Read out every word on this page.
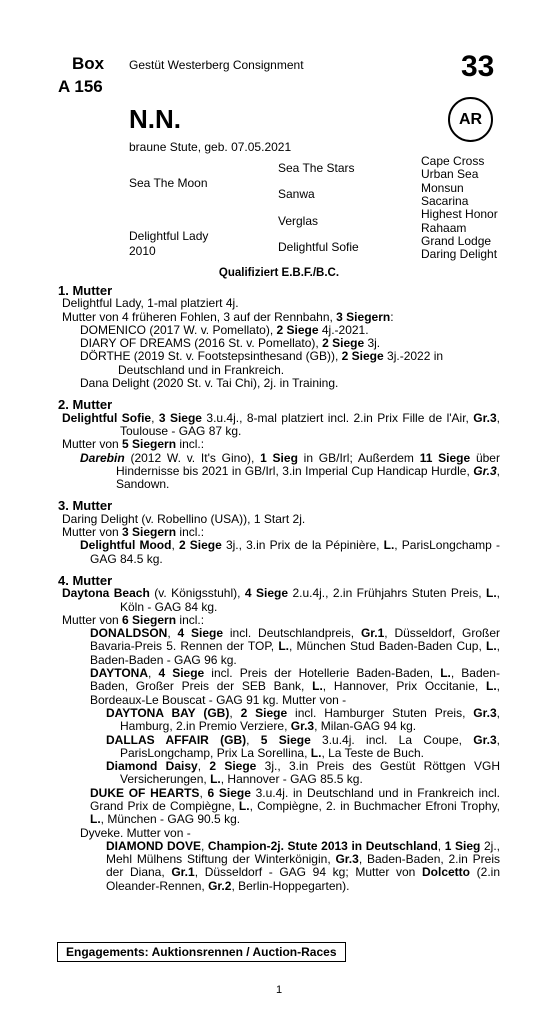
Box
A 156
Gestüt Westerberg Consignment	33
N.N.	AR
braune Stute, geb. 07.05.2021
Sea The Moon
Delightful Lady
2010
Sea The Stars
Sanwa
Verglas
Delightful Sofie
Cape Cross
Urban Sea
Monsun
Sacarina
Highest Honor
Rahaam
Grand Lodge
Daring Delight
Qualifiziert E.B.F./B.C.

1. Mutter

Delightful Lady, 1-mal platziert 4j.

Mutter von 4 früheren Fohlen, 3 auf der Rennbahn, 3 Siegern:

DOMENICO (2017 W. v. Pomellato), 2 Siege 4j.-2021.

DIARY OF DREAMS (2016 St. v. Pomellato), 2 Siege 3j.

DÖRTHE (2019 St. v. Footstepsinthesand (GB)), 2 Siege 3j.-2022 in Deutschland und in Frankreich.

Dana Delight (2020 St. v. Tai Chi), 2j. in Training.

2. Mutter

Delightful Sofie, 3 Siege 3.u.4j., 8-mal platziert incl. 2.in Prix Fille de l'Air, Gr.3, Toulouse - GAG 87 kg.

Mutter von 5 Siegern incl.:

Darebin (2012 W. v. It's Gino), 1 Sieg in GB/Irl; Außerdem 11 Siege über Hindernisse bis 2021 in GB/Irl, 3.in Imperial Cup Handicap Hurdle, Gr.3, Sandown.

3. Mutter

Daring Delight (v. Robellino (USA)), 1 Start 2j.

Mutter von 3 Siegern incl.:

Delightful Mood, 2 Siege 3j., 3.in Prix de la Pépinière, L., ParisLongchamp - GAG 84.5 kg.

4. Mutter

Daytona Beach (v. Königsstuhl), 4 Siege 2.u.4j., 2.in Frühjahrs Stuten Preis, L., Köln - GAG 84 kg.

Mutter von 6 Siegern incl.:

DONALDSON, 4 Siege incl. Deutschlandpreis, Gr.1, Düsseldorf, Großer Bavaria-Preis 5. Rennen der TOP, L., München Stud Baden-Baden Cup, L., Baden-Baden - GAG 96 kg.

DAYTONA, 4 Siege incl. Preis der Hotellerie Baden-Baden, L., Baden-Baden, Großer Preis der SEB Bank, L., Hannover, Prix Occitanie, L., Bordeaux-Le Bouscat - GAG 91 kg. Mutter von -

DAYTONA BAY (GB), 2 Siege incl. Hamburger Stuten Preis, Gr.3, Hamburg, 2.in Premio Verziere, Gr.3, Milan-GAG 94 kg.

DALLAS AFFAIR (GB), 5 Siege 3.u.4j. incl. La Coupe, Gr.3, ParisLongchamp, Prix La Sorellina, L., La Teste de Buch.

Diamond Daisy, 2 Siege 3j., 3.in Preis des Gestüt Röttgen VGH Versicherungen, L., Hannover - GAG 85.5 kg.

DUKE OF HEARTS, 6 Siege 3.u.4j. in Deutschland und in Frankreich incl. Grand Prix de Compiègne, L., Compiègne, 2. in Buchmacher Efroni Trophy, L., München - GAG 90.5 kg.

Dyveke. Mutter von -

DIAMOND DOVE, Champion-2j. Stute 2013 in Deutschland, 1 Sieg 2j., Mehl Mülhens Stiftung der Winterkönigin, Gr.3, Baden-Baden, 2.in Preis der Diana, Gr.1, Düsseldorf - GAG 94 kg; Mutter von Dolcetto (2.in Oleander-Rennen, Gr.2, Berlin-Hoppegarten).

Engagements: Auktionsrennen / Auction-Races
1
